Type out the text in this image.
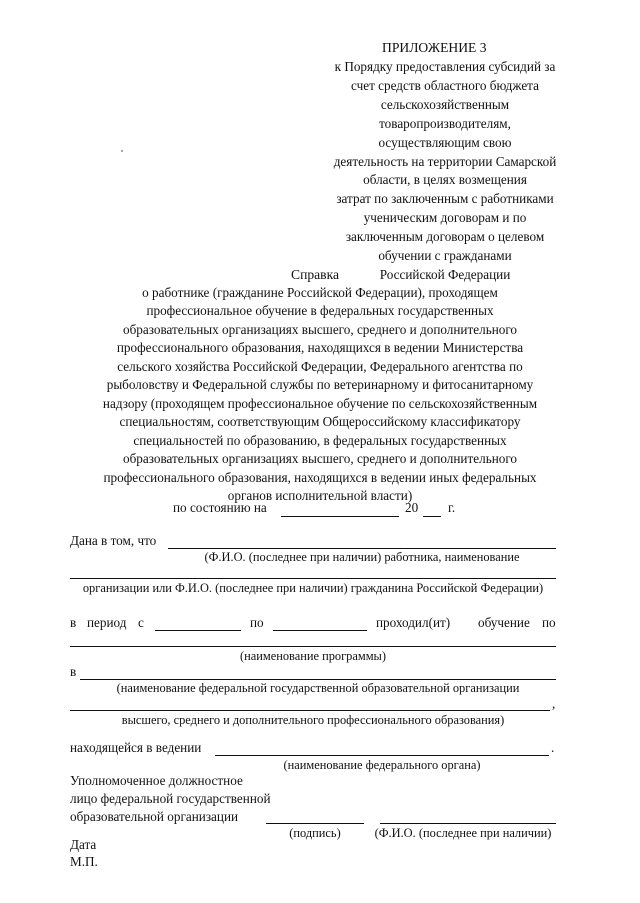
ПРИЛОЖЕНИЕ 3
к Порядку предоставления субсидий за
счет средств областного бюджета
сельскохозяйственным
товаропроизводителям,
осуществляющим свою
деятельность на территории Самарской
области, в целях возмещения
затрат по заключенным с работниками
ученическим договорам и по
заключенным договорам о целевом
обучении с гражданами
Российской Федерации
Справка
о работнике (гражданине Российской Федерации), проходящем
профессиональное обучение в федеральных государственных
образовательных организациях высшего, среднего и дополнительного
профессионального образования, находящихся в ведении Министерства
сельского хозяйства Российской Федерации, Федерального агентства по
рыболовству и Федеральной службы по ветеринарному и фитосанитарному
надзору (проходящем профессиональное обучение по сельскохозяйственным
специальностям, соответствующим Общероссийскому классификатору
специальностей по образованию, в федеральных государственных
образовательных организациях высшего, среднего и дополнительного
профессионального образования, находящихся в ведении иных федеральных
органов исполнительной власти)
по состоянию на	20 г.
Дана в том, что
(Ф.И.О. (последнее при наличии) работника, наименование
организации или Ф.И.О. (последнее при наличии) гражданина Российской Федерации)
в период с	по	проходил(ит) обучение по
(наименование программы)
в
(наименование федеральной государственной образовательной организации
,
высшего, среднего и дополнительного профессионального образования)
находящейся в ведении	.
(наименование федерального органа)
Уполномоченное должностное
лицо федеральной государственной
образовательной организации
(подпись)	(Ф.И.О. (последнее при наличии)
Дата
М.П.
